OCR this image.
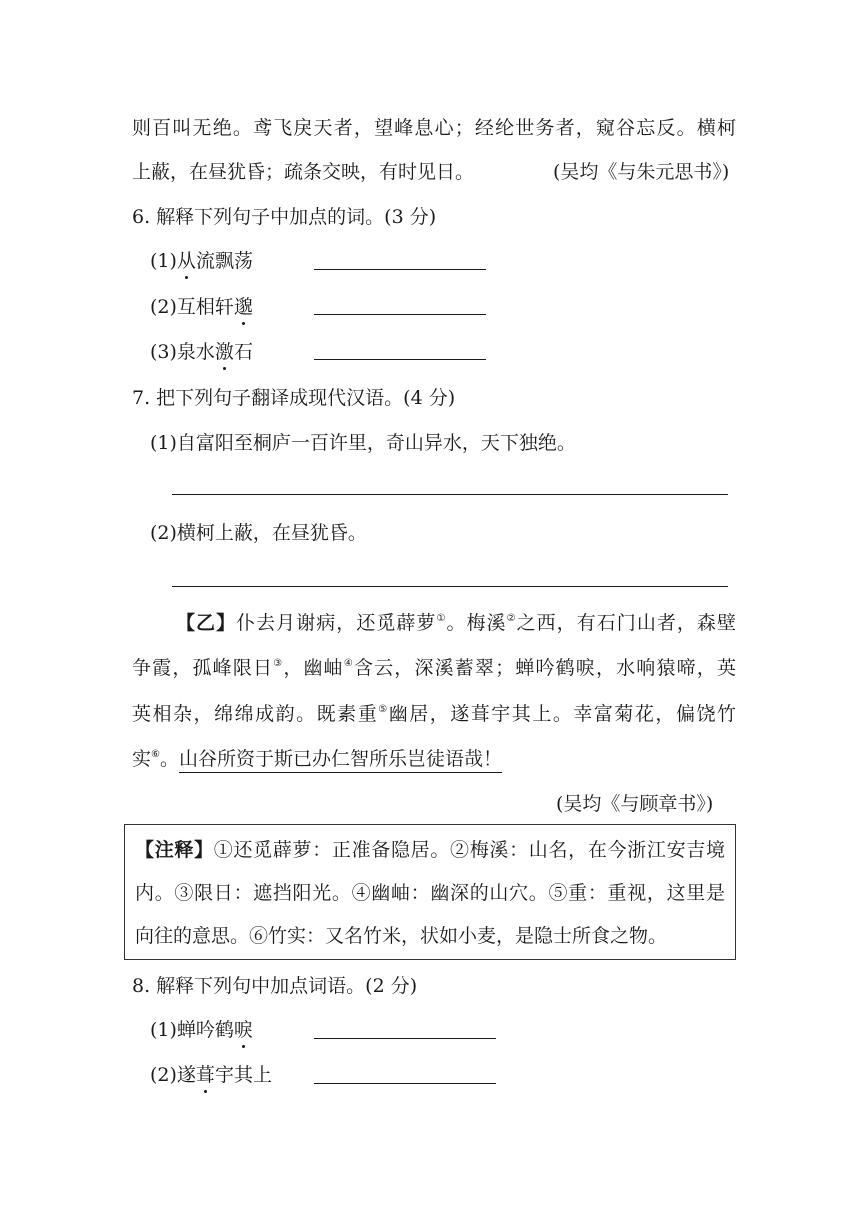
则百叫无绝。鸢飞戾天者，望峰息心；经纶世务者，窥谷忘反。横柯
上蔽，在昼犹昏；疏条交映，有时见日。	(吴均《与朱元思书》)
6. 解释下列句子中加点的词。(3 分)
(1)从流飘荡
(2)互相轩邈
(3)泉水激石
7. 把下列句子翻译成现代汉语。(4 分)
(1)自富阳至桐庐一百许里，奇山异水，天下独绝。
(2)横柯上蔽，在昼犹昏。
【乙】仆去月谢病，还觅薜萝①。梅溪②之西，有石门山者，森壁
争霞，孤峰限日③，幽岫④含云，深溪蓄翠；蝉吟鹤唳，水响猿啼，英
英相杂，绵绵成韵。既素重⑤幽居，遂葺宇其上。幸富菊花，偏饶竹
实⑥。山谷所资于斯已办仁智所乐岂徒语哉！
(吴均《与顾章书》)
【注释】①还觅薜萝：正准备隐居。②梅溪：山名，在今浙江安吉境
内。③限日：遮挡阳光。④幽岫：幽深的山穴。⑤重：重视，这里是
向往的意思。⑥竹实：又名竹米，状如小麦，是隐士所食之物。
8. 解释下列句中加点词语。(2 分)
(1)蝉吟鹤唳
(2)遂葺宇其上
